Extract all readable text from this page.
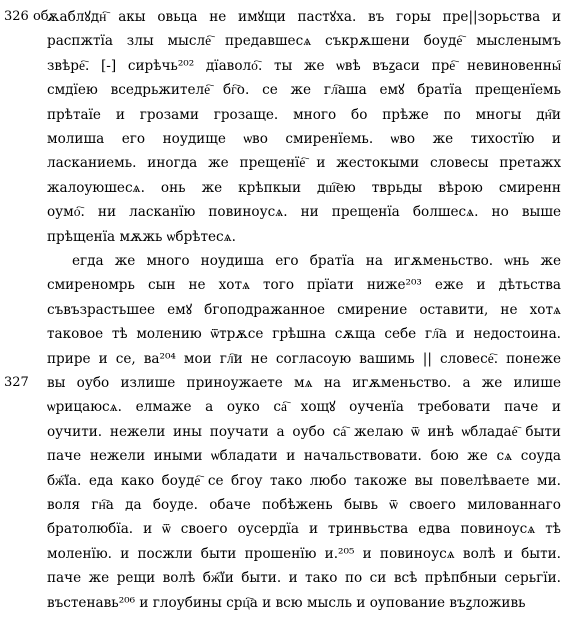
ѫаблꙋдн҇ акы овьца не имꙋщи пастꙋха. въ горы пре||зорьства и
распжтїа злы мысле҇ предавшесѧ съкрѫшени боуде҇ мысленымъ
звѣре҇. [-] сирѣчь²⁰² дїаволо҇. ты же ѡвѣ въꙁаси пре҇ невиновенны҇
смдїею вседрьжителе҇ бг҇о. се же гл҇аша емꙋ братїа прещенїемь
прѣтаїе и грозами грозаще. много бо прѣже по многы дн҇и
молиша его ноудище ѡво смиренїемь. ѡво же тихостїю и
ласканиемь. иногда же прещенїе҇ и жестокыми словесы претажх
жалоуюшесѧ. онь же крѣпкыи дш҇ею тврьды вѣрою смиренн
оумо҇. ни ласканїю повиноусѧ. ни прещенїа болшесѧ. но выше
прѣщенїа мѫжь ѡбрѣтесѧ.
егда же много ноудиша его братїа на игѫменьство. ѡнь же
смиреномрь сын не хотѧ того прїати ниже²⁰³ еже и дѣтьства
съвъзрастьшее емꙋ бгоподражанное смирение оставити, не хотѧ
таковое тѣ молению ѿтрѫсе грѣшна сѫща себе гл҇а и недостоина.
прире и се, ва²⁰⁴ мои гл҇и не согласоую вашимь || словесе҇. понеже
вы оубо излише приноужаете мѧ на игѫменьство. а же илише
ѡрицаюсѧ. елмаже а оуко са҇ хощꙋ оученїа требовати паче и
оучити. нежели ины поучати а оубо са҇ желаю ѿ инѣ ѡбладае҇ быти
паче нежели иными ѡбладати и начальствовати. бою же сѧ соуда
бж҇їа. еда како боуде҇ се бгоу тако любо такоже вы повелѣваете ми.
воля гн҇а да боуде. обаче побѣжень бывь ѿ своего милованнаго
братолюбїа. и ѿ своего оусердїа и тринвьства едва повиноусѧ тѣ
моленїю. и посжли быти прошенїю и.²⁰⁵ и повиноусѧ волѣ и быти.
паче же рещи волѣ бж҇їи быти. и тако по си всѣ прѣпбныи серьгїи.
въстенавь²⁰⁶ и глоубины срц҇а и всю мысль и оупование въꙁложивь
326 об.
327
